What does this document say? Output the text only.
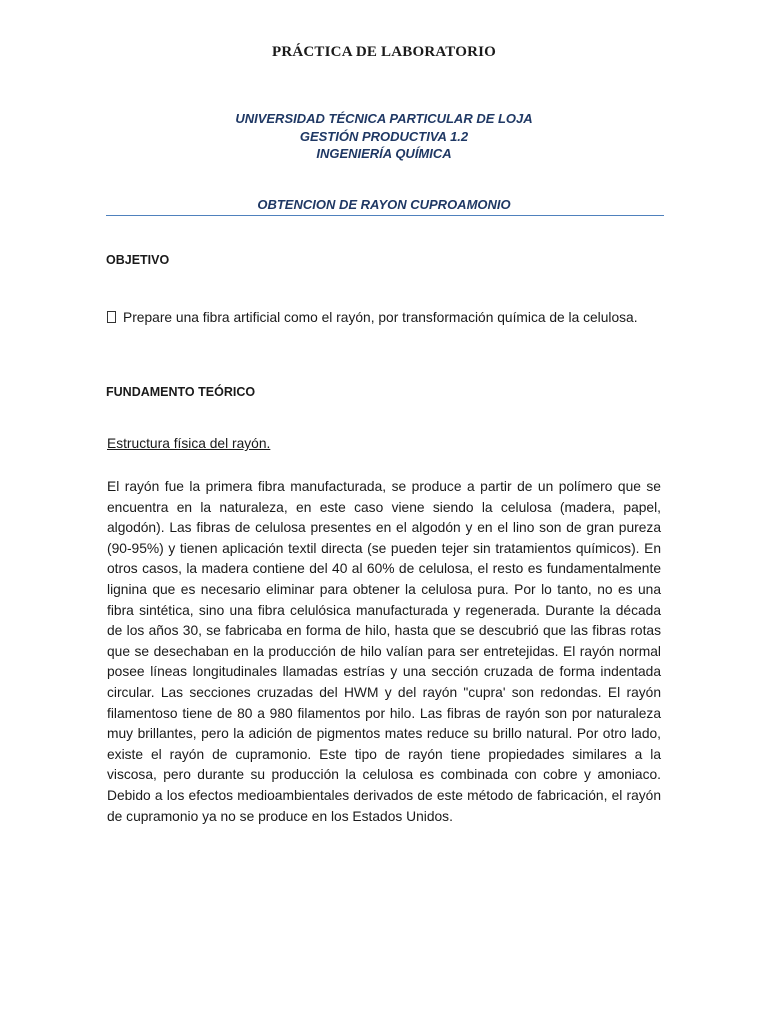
PRÁCTICA DE LABORATORIO
UNIVERSIDAD TÉCNICA PARTICULAR DE LOJA
GESTIÓN PRODUCTIVA 1.2
INGENIERÍA QUÍMICA
OBTENCION DE RAYON CUPROAMONIO
OBJETIVO
Prepare una fibra artificial como el rayón, por transformación química de la celulosa.
FUNDAMENTO TEÓRICO
Estructura física del rayón.
El rayón fue la primera fibra manufacturada, se produce a partir de un polímero que se encuentra en la naturaleza, en este caso viene siendo la celulosa (madera, papel, algodón). Las fibras de celulosa presentes en el algodón y en el lino son de gran pureza (90-95%) y tienen aplicación textil directa (se pueden tejer sin tratamientos químicos). En otros casos, la madera contiene del 40 al 60% de celulosa, el resto es fundamentalmente lignina que es necesario eliminar para obtener la celulosa pura. Por lo tanto, no es una fibra sintética, sino una fibra celulósica manufacturada y regenerada. Durante la década de los años 30, se fabricaba en forma de hilo, hasta que se descubrió que las fibras rotas que se desechaban en la producción de hilo valían para ser entretejidas. El rayón normal posee líneas longitudinales llamadas estrías y una sección cruzada de forma indentada circular. Las secciones cruzadas del HWM y del rayón "cupra' son redondas. El rayón filamentoso tiene de 80 a 980 filamentos por hilo. Las fibras de rayón son por naturaleza muy brillantes, pero la adición de pigmentos mates reduce su brillo natural. Por otro lado, existe el rayón de cupramonio. Este tipo de rayón tiene propiedades similares a la viscosa, pero durante su producción la celulosa es combinada con cobre y amoniaco. Debido a los efectos medioambientales derivados de este método de fabricación, el rayón de cupramonio ya no se produce en los Estados Unidos.
